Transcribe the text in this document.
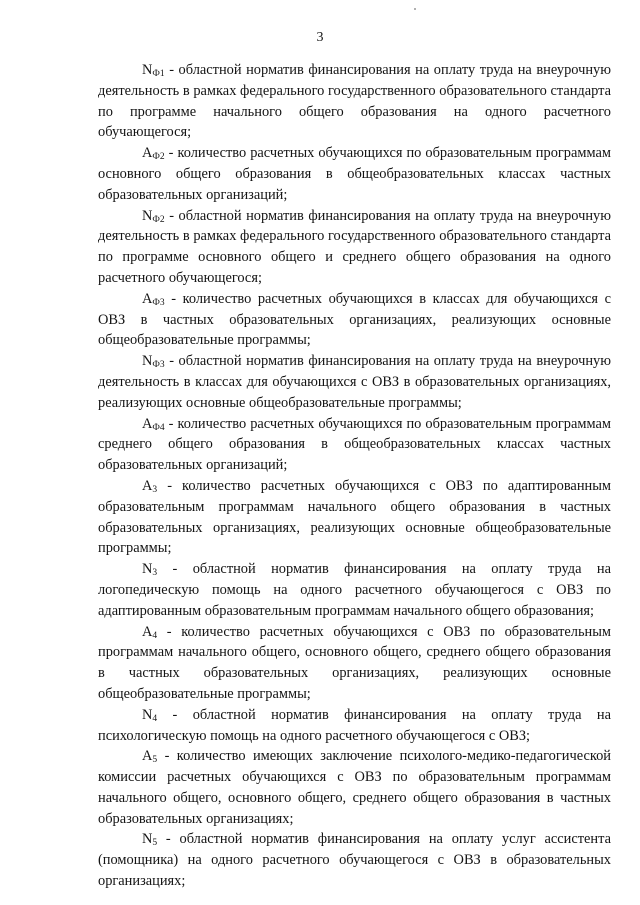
3

$N_{Ф1}$ - областной норматив финансирования на оплату труда на внеурочную деятельность в рамках федерального государственного образовательного стандарта по программе начального общего образования на одного расчетного обучающегося;

$А_{Ф2}$ - количество расчетных обучающихся по образовательным программам основного общего образования в общеобразовательных классах частных образовательных организаций;

$N_{Ф2}$ - областной норматив финансирования на оплату труда на внеурочную деятельность в рамках федерального государственного образовательного стандарта по программе основного общего и среднего общего образования на одного расчетного обучающегося;

$А_{Ф3}$ - количество расчетных обучающихся в классах для обучающихся с ОВЗ в частных образовательных организациях, реализующих основные общеобразовательные программы;

$N_{Ф3}$ - областной норматив финансирования на оплату труда на внеурочную деятельность в классах для обучающихся с ОВЗ в образовательных организациях, реализующих основные общеобразовательные программы;

$А_{Ф4}$ - количество расчетных обучающихся по образовательным программам среднего общего образования в общеобразовательных классах частных образовательных организаций;

$А_3$ - количество расчетных обучающихся с ОВЗ по адаптированным образовательным программам начального общего образования в частных образовательных организациях, реализующих основные общеобразовательные программы;

$N_3$ - областной норматив финансирования на оплату труда на логопедическую помощь на одного расчетного обучающегося с ОВЗ по адаптированным образовательным программам начального общего образования;

$А_4$ - количество расчетных обучающихся с ОВЗ по образовательным программам начального общего, основного общего, среднего общего образования в частных образовательных организациях, реализующих основные общеобразовательные программы;

$N_4$ - областной норматив финансирования на оплату труда на психологическую помощь на одного расчетного обучающегося с ОВЗ;

$А_5$ - количество имеющих заключение психолого-медико-педагогической комиссии расчетных обучающихся с ОВЗ по образовательным программам начального общего, основного общего, среднего общего образования в частных образовательных организациях;

$N_5$ - областной норматив финансирования на оплату услуг ассистента (помощника) на одного расчетного обучающегося с ОВЗ в образовательных организациях;
